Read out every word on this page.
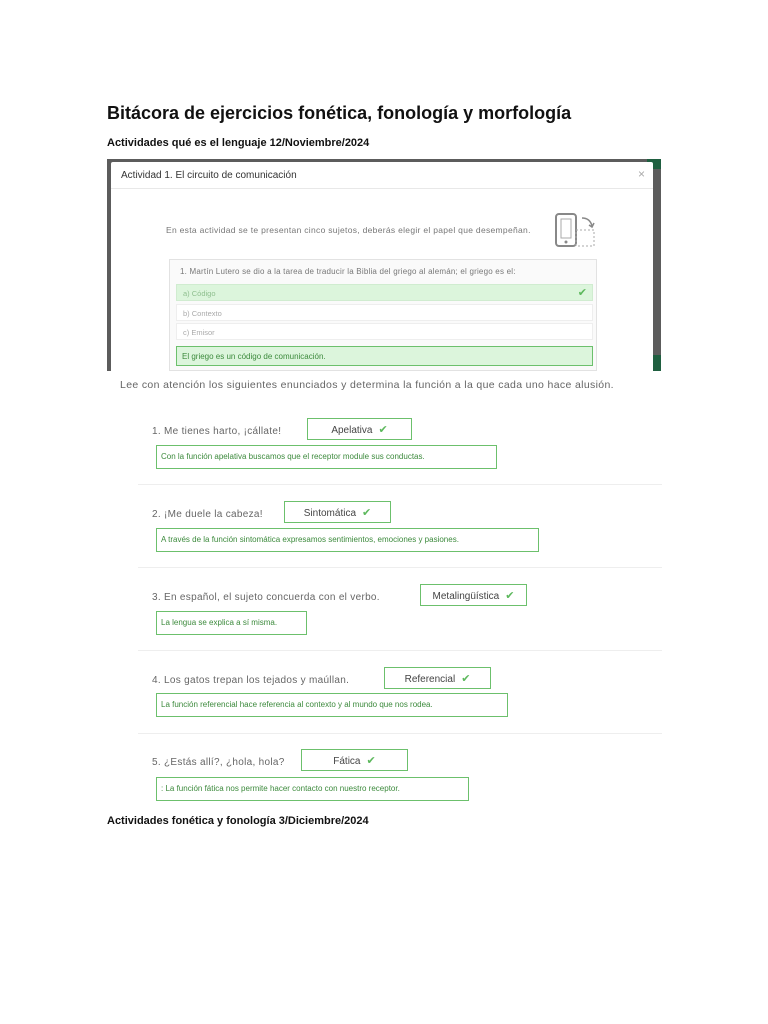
Bitácora de ejercicios fonética, fonología y morfología

Actividades qué es el lenguaje 12/Noviembre/2024

Actividad 1. El circuito de comunicación	×
En esta actividad se te presentan cinco sujetos, deberás elegir el papel que desempeñan.
1. Martín Lutero se dio a la tarea de traducir la Biblia del griego al alemán; el griego es el:
a) Código	✔
b) Contexto
c) Emisor
El griego es un código de comunicación.

Lee con atención los siguientes enunciados y determina la función a la que cada uno hace alusión.

1. Me tienes harto, ¡cállate!	Apelativa ✔
Con la función apelativa buscamos que el receptor module sus conductas.
2. ¡Me duele la cabeza!	Sintomática ✔
A través de la función sintomática expresamos sentimientos, emociones y pasiones.
3. En español, el sujeto concuerda con el verbo.	Metalingüística ✔
La lengua se explica a sí misma.
4. Los gatos trepan los tejados y maúllan.	Referencial ✔
La función referencial hace referencia al contexto y al mundo que nos rodea.
5. ¿Estás allí?, ¿hola, hola?	Fática ✔
: La función fática nos permite hacer contacto con nuestro receptor.

Actividades fonética y fonología 3/Diciembre/2024
